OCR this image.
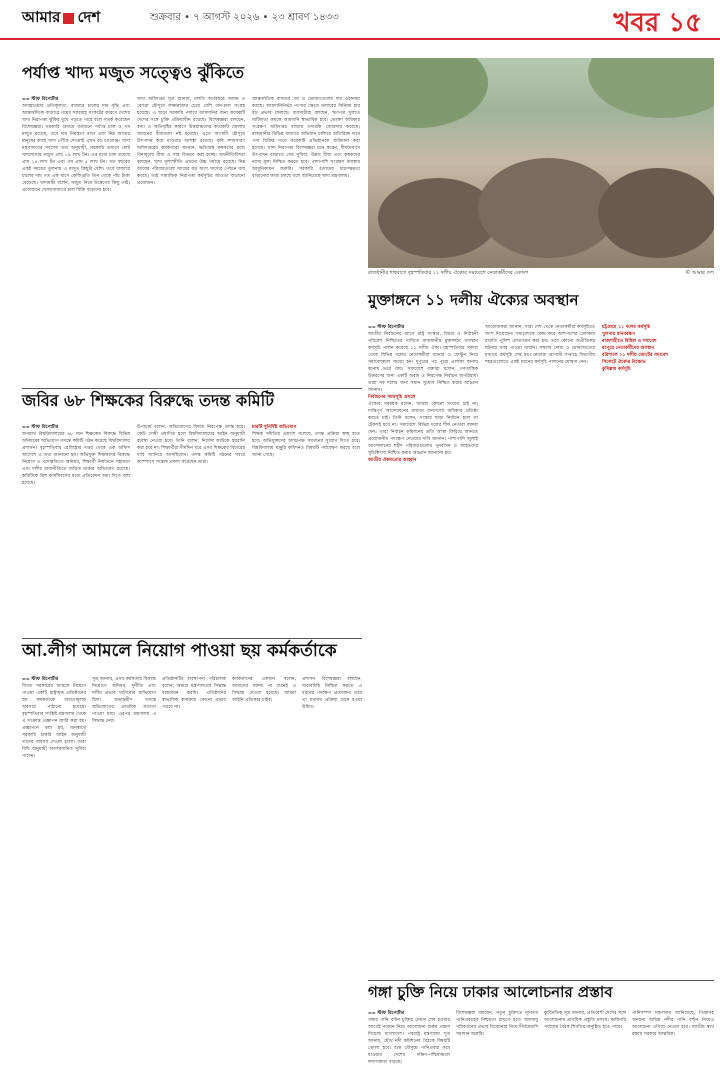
আমার দেশ	শুক্রবার • ৭ আগস্ট ২০২৬ • ২৩ শ্রাবণ ১৪৩৩	খবর ১৫
পর্যাপ্ত খাদ্য মজুত সত্ত্বেও ঝুঁকিতে
== স্টাফ রিপোর্টার
আবহাওয়ার প্রতিকূলতা, বাজারে চালের দাম বৃদ্ধি এবং আন্তর্জাতিক বাজারে গমের সরবরাহ সংকটের কারণে দেশের খাদ্য নিরাপত্তা ঝুঁকির মুখে পড়তে পারে বলে সতর্ক করেছেন বিশেষজ্ঞরা। সরকারি গুদামে বর্তমানে পর্যাপ্ত চাল ও গম মজুত রয়েছে, তবে দাম নিয়ন্ত্রণে রাখা এবং নিম্ন আয়ের মানুষের কাছে খাদ্য পৌঁছে দেওয়াই এখন বড় চ্যালেঞ্জ। খাদ্য মন্ত্রণালয়ের সর্বশেষ তথ্য অনুযায়ী, সরকারি গুদামে মোট খাদ্যশস্যের মজুত প্রায় ১৯ লাখ টন। এর মধ্যে চাল রয়েছে প্রায় ১৪ লাখ টন এবং গম প্রায় ৫ লাখ টন। গত বছরের একই সময়ের তুলনায় এ মজুত কিছুটা বেশি। তবে বাজারে চালের দাম গত এক মাসে কেজিপ্রতি তিন থেকে পাঁচ টাকা বেড়েছে। খাদ্যমন্ত্রী বলেন, মজুত নিয়ে উদ্বেগের কিছু নেই। প্রয়োজনে খোলাবাজারে চাল বিক্রি বাড়ানো হবে।
খাদ্য অধিদপ্তর সূত্র জানায়, চলতি অর্থবছরে আমন ও বোরো মৌসুমে লক্ষ্যমাত্রার চেয়ে বেশি ধান-চাল সংগ্রহ হয়েছে। এ ছাড়া সরকারি পর্যায়ে আমদানির জন্য কয়েকটি দেশের সঙ্গে চুক্তি প্রক্রিয়াধীন রয়েছে। বিশেষজ্ঞরা বলছেন, বন্যা ও অতিবৃষ্টির কারণে উত্তরাঞ্চলের কয়েকটি জেলায় আমনের বীজতলা নষ্ট হয়েছে। এতে আগামী মৌসুমে উৎপাদন কমে যাওয়ার আশঙ্কা রয়েছে। কৃষি সম্প্রসারণ অধিদপ্তরের কর্মকর্তারা জানান, ক্ষতিগ্রস্ত কৃষকদের মধ্যে বিনামূল্যে বীজ ও সার বিতরণ করা হচ্ছে। অর্থনীতিবিদরা বলছেন, খাদ্য মূল্যস্ফীতি এখনো উচ্চ পর্যায়ে রয়েছে। নিম্ন আয়ের পরিবারগুলো আয়ের বড় অংশ খাদ্যের পেছনে ব্যয় করছে। তাই সামাজিক নিরাপত্তা কর্মসূচির আওতা বাড়ানো প্রয়োজন।
আন্তর্জাতিক বাজারে গম ও ভোজ্যতেলের দাম ওঠানামা করছে। আমদানিনির্ভর পণ্যের ক্ষেত্রে ডলারের বিনিময় হার বড় প্রভাব ফেলছে। ব্যবসায়ীরা বলছেন, ঋণপত্র খুলতে জটিলতা কমলে আমদানি স্বাভাবিক হবে। ভোক্তা অধিকার সংরক্ষণ অধিদপ্তর বাজার তদারকি জোরদার করেছে। রাজধানীর বিভিন্ন বাজারে অভিযান চালিয়ে অতিরিক্ত দামে পণ্য বিক্রির দায়ে কয়েকটি প্রতিষ্ঠানকে জরিমানা করা হয়েছে। খাদ্য নিরাপত্তা বিশেষজ্ঞরা মনে করেন, দীর্ঘমেয়াদে উৎপাদন বাড়াতে সেচ সুবিধা, উন্নত বীজ এবং কৃষকদের ন্যায্য মূল্য নিশ্চিত করতে হবে। পাশাপাশি সংরক্ষণ ব্যবস্থার আধুনিকায়ন জরুরি। সরকারি গুদামের ধারণক্ষমতা বাড়ানোর কাজ চলছে বলে জানিয়েছে খাদ্য মন্ত্রণালয়।
রাজধানীর শাহবাগে বৃহস্পতিবার ১১ দলীয় ঐক্যের সমাবেশে নেতাকর্মীদের একাংশ	© আমার দেশ
মুক্তাঙ্গনে ১১ দলীয় ঐক্যের অবস্থান
== স্টাফ রিপোর্টার
জাতীয় নির্বাচনের আগে রাষ্ট্র সংস্কার, বিচার ও নির্বাচনী পরিবেশ নিশ্চিতের দাবিতে রাজধানীর মুক্তাঙ্গনে অবস্থান কর্মসূচি পালন করেছে ১১ দলীয় ঐক্য। বৃহস্পতিবার সকাল থেকে বিভিন্ন দলের নেতাকর্মীরা ব্যানার ও ফেস্টুন নিয়ে সমাবেশস্থলে জড়ো হন। দুপুরের পর পুরো এলাকা কানায় কানায় ভরে যায়। সমাবেশে বক্তারা বলেন, গণতান্ত্রিক উত্তরণের জন্য একটি অবাধ ও নিরপেক্ষ নির্বাচন অপরিহার্য। তারা সব দলের জন্য সমান সুযোগ নিশ্চিত করার আহ্বান জানান।
নির্বাচনের সময়সূচি প্রসঙ্গে
ঐক্যের সমন্বয়ক বলেন, আমরা কোনো সংঘাত চাই না। শান্তিপূর্ণ আন্দোলনের মাধ্যমে জনগণের অধিকার প্রতিষ্ঠা করতে চাই। তিনি বলেন, সংস্কার ছাড়া নির্বাচন হলে তা টেকসই হবে না। সমাবেশে বিভিন্ন দলের শীর্ষ নেতারা বক্তব্য দেন। তারা নির্বাচন কমিশনের প্রতি আস্থা ফিরিয়ে আনতে প্রয়োজনীয় পদক্ষেপ নেওয়ার দাবি জানান। পাশাপাশি জুলাই আন্দোলনের শহীদ পরিবারগুলোর পুনর্বাসন ও আহতদের সুচিকিৎসা নিশ্চিত করার আহ্বান জানানো হয়।
জাতীয় ঐকমত্যের আহ্বান
আয়োজকরা জানান, সারা দেশ থেকে নেতাকর্মীরা কর্মসূচিতে অংশ নিয়েছেন। সমাবেশকে কেন্দ্র করে আশপাশের এলাকায় বাড়তি পুলিশ মোতায়েন করা হয়। তবে কোনো অপ্রীতিকর ঘটনার খবর পাওয়া যায়নি। সন্ধ্যায় দোয়া ও মোনাজাতের মাধ্যমে কর্মসূচি শেষ হয়। নেতারা আগামী সপ্তাহে বিভাগীয় শহরগুলোতে একই ধরনের কর্মসূচি পালনের ঘোষণা দেন।
চট্টগ্রামে ১১ দলের কর্মসূচি
খুলনায় মানববন্ধন
রাজশাহীতে মিছিল ও সমাবেশ
রংপুরে নেতাকর্মীদের অবস্থান
বরিশালে ১১ দলীয় জোটের সমাবেশ
সিলেটে ঐক্যের বিক্ষোভ
কুমিল্লায় কর্মসূচি
জবির ৬৮ শিক্ষকের বিরুদ্ধে তদন্ত কমিটি
== স্টাফ রিপোর্টার
জগন্নাথ বিশ্ববিদ্যালয়ের ৬৮ জন শিক্ষকের বিরুদ্ধে বিভিন্ন অনিয়মের অভিযোগ তদন্তে কমিটি গঠন করেছে বিশ্ববিদ্যালয় প্রশাসন। বৃহস্পতিবার রেজিস্ট্রার দপ্তর থেকে এক অফিস আদেশে এ তথ্য জানানো হয়। অভিযুক্ত শিক্ষকদের বিরুদ্ধে নিয়োগ ও পদোন্নতিতে অনিয়ম, শিক্ষার্থী নির্যাতনে সহায়তা এবং দলীয় রাজনীতিতে জড়িত থাকার অভিযোগ রয়েছে। কমিটিকে ত্রিশ কার্যদিবসের মধ্যে প্রতিবেদন জমা দিতে বলা হয়েছে।
উপাচার্য বলেন, অভিযোগের বিষয়ে নিরপেক্ষ তদন্ত হবে। কেউ দোষী প্রমাণিত হলে বিশ্ববিদ্যালয়ের আইন অনুযায়ী ব্যবস্থা নেওয়া হবে। তিনি বলেন, নির্দোষ কাউকে হয়রানি করা হবে না। শিক্ষার্থীরা দীর্ঘদিন ধরে এসব শিক্ষকের বিচারের দাবি জানিয়ে আসছিলেন। তদন্ত কমিটি গঠনের খবরে ক্যাম্পাসে সন্তোষ প্রকাশ করেছেন তারা।
চারটি সুনির্দিষ্ট অভিযোগ
শিক্ষক সমিতির একাংশ বলেছে, তদন্ত প্রক্রিয়া স্বচ্ছ হতে হবে। অভিযুক্তদের আত্মপক্ষ সমর্থনের সুযোগ দিতে হবে। বিশ্ববিদ্যালয় মঞ্জুরি কমিশনও বিষয়টি পর্যবেক্ষণ করছে বলে জানা গেছে।
আ.লীগ আমলে নিয়োগ পাওয়া ছয় কর্মকর্তাকে
== স্টাফ রিপোর্টার
বিগত সরকারের আমলে নিয়োগ পাওয়া একটি রাষ্ট্রায়ত্ত প্রতিষ্ঠানের ছয় কর্মকর্তাকে বাধ্যতামূলক অবসরে পাঠানো হয়েছে। বৃহস্পতিবার সংশ্লিষ্ট মন্ত্রণালয় থেকে এ সংক্রান্ত প্রজ্ঞাপন জারি করা হয়। প্রজ্ঞাপনে বলা হয়, জনস্বার্থে সরকারি চাকরি আইন অনুযায়ী তাদের অবসর দেওয়া হলো। তারা বিধি অনুযায়ী অবসরজনিত সুবিধা পাবেন।
সূত্র জানায়, এসব কর্মকর্তার বিরুদ্ধে নিয়োগে অনিয়ম, দুর্নীতি এবং দলীয় প্রভাব খাটানোর অভিযোগ ছিল। অভ্যন্তরীণ তদন্তে অভিযোগের প্রাথমিক সত্যতা পাওয়া যায়। এরপর মন্ত্রণালয় এ সিদ্ধান্ত নেয়।
প্রতিষ্ঠানটির ব্যবস্থাপনা পরিচালক বলেন, আমরা মন্ত্রণালয়ের সিদ্ধান্ত বাস্তবায়ন করছি। প্রতিষ্ঠানের স্বাভাবিক কার্যক্রমে কোনো প্রভাব পড়বে না।
কর্মকর্তাদের একজন বলেন, আমাদের বক্তব্য না শুনেই এ সিদ্ধান্ত নেওয়া হয়েছে। আমরা আইনি প্রতিকার চাইব।
প্রশাসন বিশেষজ্ঞরা বলছেন, জবাবদিহি নিশ্চিত করতে এ ধরনের পদক্ষেপ প্রয়োজন। তবে তা যথাযথ প্রক্রিয়া মেনে হওয়া উচিত।
গঙ্গা চুক্তি নিয়ে ঢাকার আলোচনার প্রস্তাব
== স্টাফ রিপোর্টার
গঙ্গার পানি বণ্টন চুক্তির মেয়াদ শেষ হওয়ার আগেই নবায়ন নিয়ে আলোচনা শুরুর প্রস্তাব দিয়েছে বাংলাদেশ। পররাষ্ট্র মন্ত্রণালয় সূত্র জানায়, যৌথ নদী কমিশনের বৈঠকে বিষয়টি তোলা হবে। শুষ্ক মৌসুমে পানিপ্রবাহ কমে যাওয়ায় দেশের দক্ষিণ-পশ্চিমাঞ্চলে লবণাক্ততা বাড়ছে।
বিশেষজ্ঞরা বলছেন, নতুন চুক্তিতে ন্যূনতম পানিপ্রবাহের নিশ্চয়তা রাখতে হবে। জলবায়ু পরিবর্তনের প্রভাব বিবেচনায় নিয়ে দীর্ঘমেয়াদি সমাধান জরুরি।
কূটনৈতিক সূত্র জানায়, প্রতিবেশী দেশের সঙ্গে আলোচনার প্রাথমিক প্রস্তুতি চলছে। কারিগরি পর্যায়ের বৈঠক শিগগির অনুষ্ঠিত হতে পারে।
পানিসম্পদ মন্ত্রণালয় জানিয়েছে, তিস্তাসহ অন্যান্য অভিন্ন নদীর পানি বণ্টন নিয়েও আলোচনা এগিয়ে নেওয়া হবে। জাতীয় স্বার্থ রক্ষায় সরকার আন্তরিক।
